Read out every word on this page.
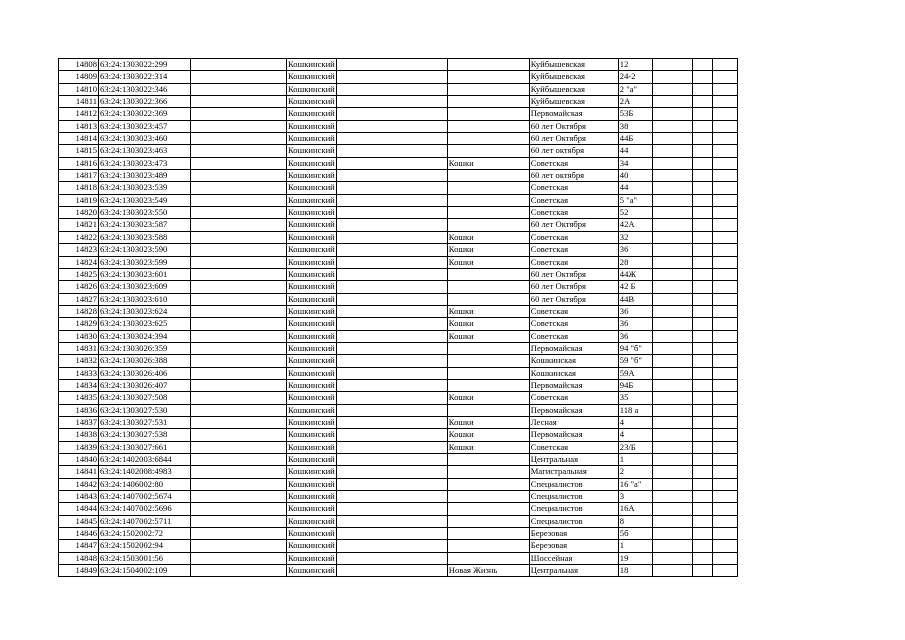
14808	63:24:1303022:299		Кошкинский			Куйбышевская	12			
14809	63:24:1303022:314		Кошкинский			Куйбышевская	24-2			
14810	63:24:1303022:346		Кошкинский			Куйбышевская	2 "а"			
14811	63:24:1303022:366		Кошкинский			Куйбышевская	2А			
14812	63:24:1303022:369		Кошкинский			Первомайская	53Б			
14813	63:24:1303023:457		Кошкинский			60 лет Октября	38			
14814	63:24:1303023:460		Кошкинский			60 лет Октября	44Б			
14815	63:24:1303023:463		Кошкинский			60 лет октября	44			
14816	63:24:1303023:473		Кошкинский		Кошки	Советская	34			
14817	63:24:1303023:489		Кошкинский			60 лет октября	40			
14818	63:24:1303023:539		Кошкинский			Советская	44			
14819	63:24:1303023:549		Кошкинский			Советская	5 "а"			
14820	63:24:1303023:550		Кошкинский			Советская	52			
14821	63:24:1303023:587		Кошкинский			60 лет Октября	42А			
14822	63:24:1303023:588		Кошкинский		Кошки	Советская	32			
14823	63:24:1303023:590		Кошкинский		Кошки	Советская	36			
14824	63:24:1303023:599		Кошкинский		Кошки	Советская	28			
14825	63:24:1303023:601		Кошкинский			60 лет Октября	44Ж			
14826	63:24:1303023:609		Кошкинский			60 лет Октября	42 Б			
14827	63:24:1303023:610		Кошкинский			60 лет Октября	44В			
14828	63:24:1303023:624		Кошкинский		Кошки	Советская	36			
14829	63:24:1303023:625		Кошкинский		Кошки	Советская	36			
14830	63:24:1303024:394		Кошкинский		Кошки	Советская	36			
14831	63:24:1303026:359		Кошкинский			Первомайская	94 "б"			
14832	63:24:1303026:388		Кошкинский			Кошкинская	59 "б"			
14833	63:24:1303026:406		Кошкинский			Кошкинская	59А			
14834	63:24:1303026:407		Кошкинский			Первомайская	94Б			
14835	63:24:1303027:508		Кошкинский		Кошки	Советская	35			
14836	63:24:1303027:530		Кошкинский			Первомайская	118 а			
14837	63:24:1303027:531		Кошкинский		Кошки	Лесная	4			
14838	63:24:1303027:538		Кошкинский		Кошки	Первомайская	4			
14839	63:24:1303027:661		Кошкинский		Кошки	Советская	23/Б			
14840	63:24:1402003:6844		Кошкинский			Центральная	1			
14841	63:24:1402008:4983		Кошкинский			Магистральная	2			
14842	63:24:1406002:80		Кошкинский			Специалистов	16 "а"			
14843	63:24:1407002:5674		Кошкинский			Специалистов	3			
14844	63:24:1407002:5696		Кошкинский			Специалистов	16А			
14845	63:24:1407002:5711		Кошкинский			Специалистов	8			
14846	63:24:1502002:72		Кошкинский			Березовая	5б			
14847	63:24:1502002:94		Кошкинский			Березовая	1			
14848	63:24:1503001:56		Кошкинский			Шоссейная	19			
14849	63:24:1504002:109		Кошкинский		Новая Жизнь	Центральная	18			
